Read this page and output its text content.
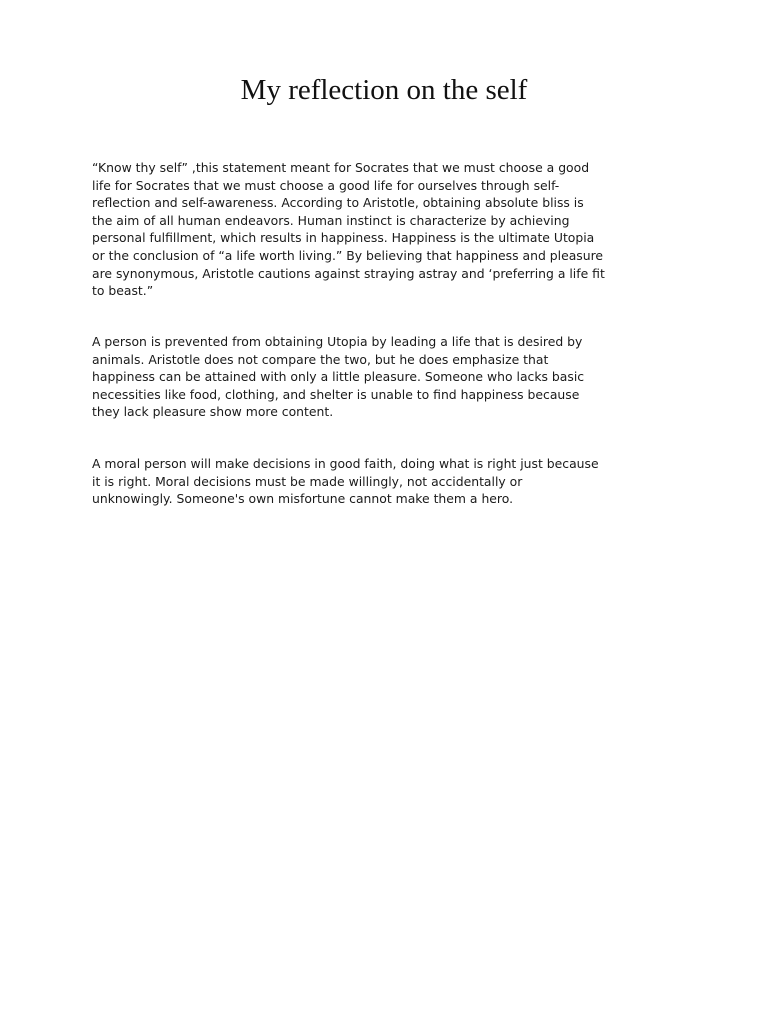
My reflection on the self

“Know thy self” ,this statement meant for Socrates that we must choose a good
life for Socrates that we must choose a good life for ourselves through self-
reflection and self-awareness. According to Aristotle, obtaining absolute bliss is
the aim of all human endeavors. Human instinct is characterize by achieving
personal fulfillment, which results in happiness. Happiness is the ultimate Utopia
or the conclusion of “a life worth living.” By believing that happiness and pleasure
are synonymous, Aristotle cautions against straying astray and ‘preferring a life fit
to beast.”

A person is prevented from obtaining Utopia by leading a life that is desired by
animals. Aristotle does not compare the two, but he does emphasize that
happiness can be attained with only a little pleasure. Someone who lacks basic
necessities like food, clothing, and shelter is unable to find happiness because
they lack pleasure show more content.

A moral person will make decisions in good faith, doing what is right just because
it is right. Moral decisions must be made willingly, not accidentally or
unknowingly. Someone's own misfortune cannot make them a hero.
